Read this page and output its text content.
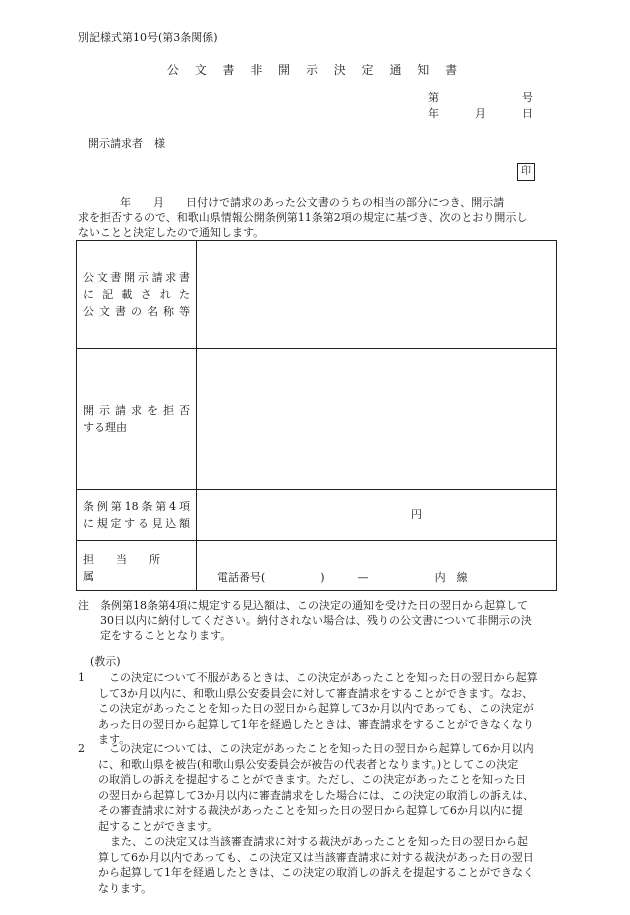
別記様式第10号(第3条関係)
公 文 書 非 開 示 決 定 通 知 書
第	号
年	月	日
開示請求者　様
印
年　　月　　日付けで請求のあった公文書のうちの相当の部分につき、開示請
求を拒否するので、和歌山県情報公開条例第11条第2項の規定に基づき、次のとおり開示し
ないことと決定したので通知します。
公文書開示請求書
に 記 載 さ れ た
公 文 書 の 名 称 等	

開 示 請 求 を 拒 否
する理由	

条例第18条第4項
に規定する見込額	円
担　　当　　所　　属	電話番号(　　　　　)　　　—　　　　　　内　線
注　条例第18条第4項に規定する見込額は、この決定の通知を受けた日の翌日から起算して
30日以内に納付してください。納付されない場合は、残りの公文書について非開示の決
定をすることとなります。
(教示)
1　 この決定について不服があるときは、この決定があったことを知った日の翌日から起算
して3か月以内に、和歌山県公安委員会に対して審査請求をすることができます。なお、
この決定があったことを知った日の翌日から起算して3か月以内であっても、この決定が
あった日の翌日から起算して1年を経過したときは、審査請求をすることができなくなり
ます。
2　 この決定については、この決定があったことを知った日の翌日から起算して6か月以内
に、和歌山県を被告(和歌山県公安委員会が被告の代表者となります。)としてこの決定
の取消しの訴えを提起することができます。ただし、この決定があったことを知った日
の翌日から起算して3か月以内に審査請求をした場合には、この決定の取消しの訴えは、
その審査請求に対する裁決があったことを知った日の翌日から起算して6か月以内に提
起することができます。
また、この決定又は当該審査請求に対する裁決があったことを知った日の翌日から起
算して6か月以内であっても、この決定又は当該審査請求に対する裁決があった日の翌日
から起算して1年を経過したときは、この決定の取消しの訴えを提起することができなく
なります。
